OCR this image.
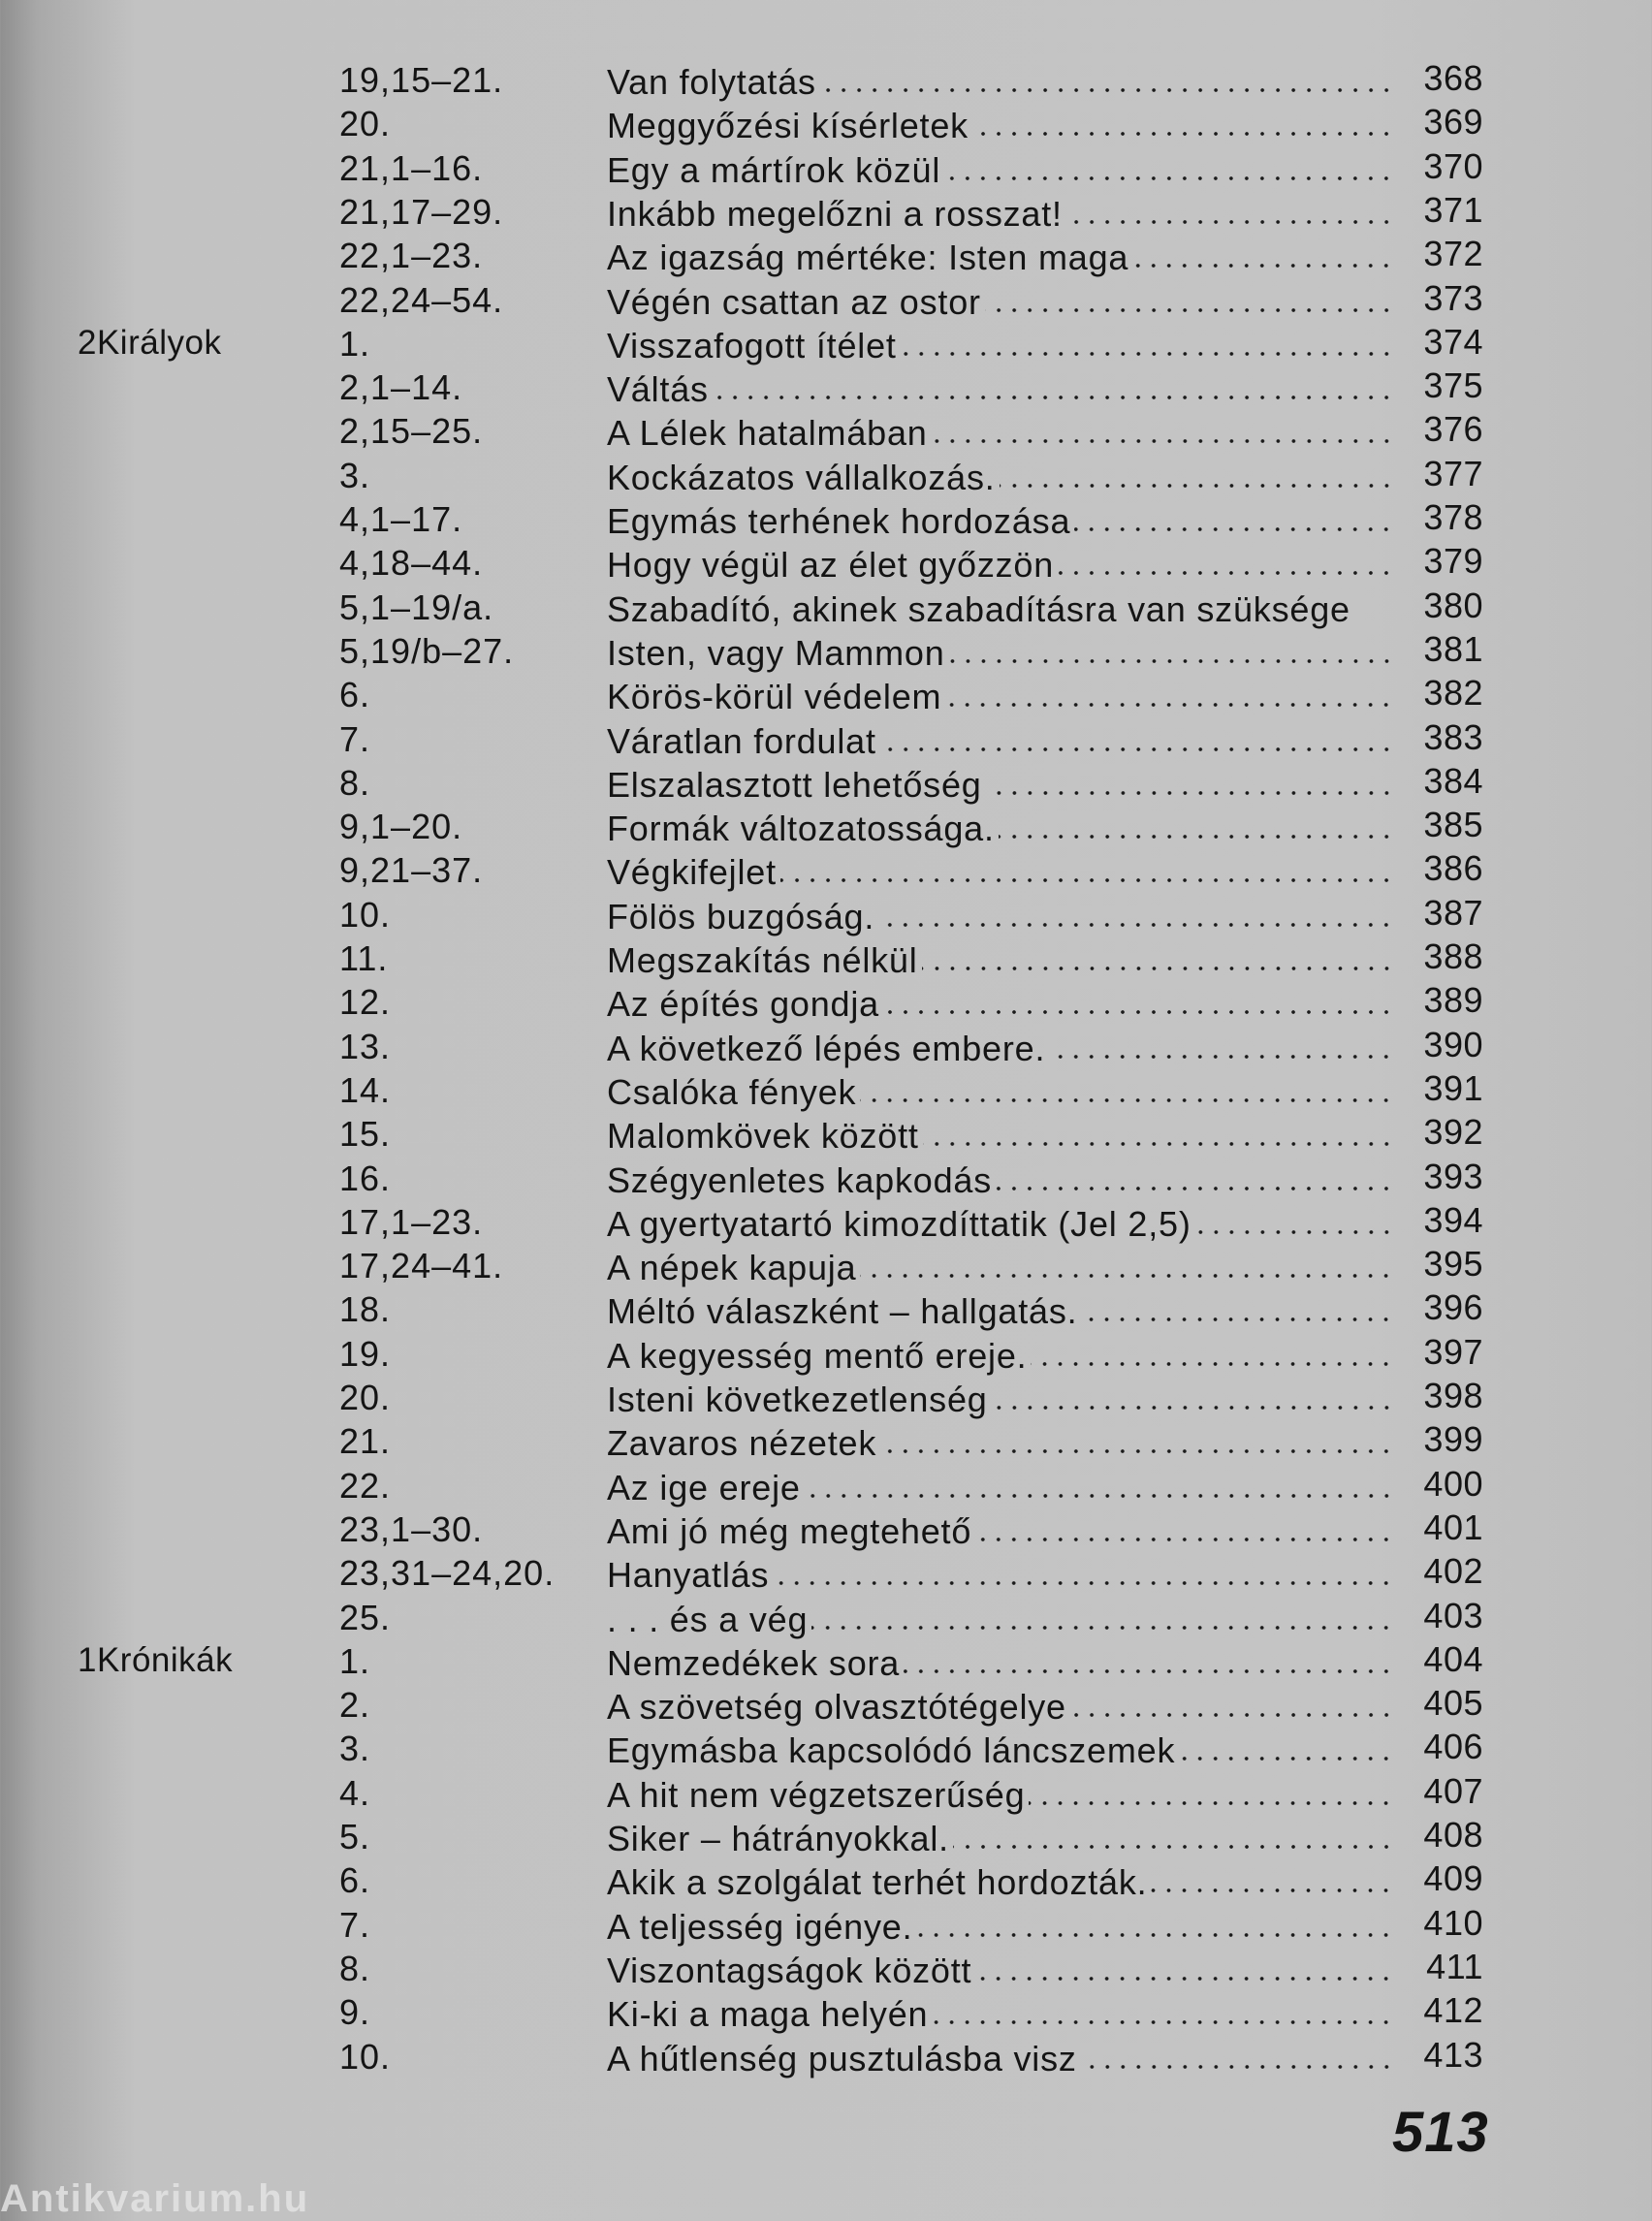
19,15–21.	Van folytatás	368
20.	Meggyőzési kísérletek	369
21,1–16.	Egy a mártírok közül	370
21,17–29.	Inkább megelőzni a rosszat!	371
22,1–23.	Az igazság mértéke: Isten maga	372
22,24–54.	Végén csattan az ostor	373
2Királyok	1.	Visszafogott ítélet	374
2,1–14.	Váltás	375
2,15–25.	A Lélek hatalmában	376
3.	Kockázatos vállalkozás.	377
4,1–17.	Egymás terhének hordozása	378
4,18–44.	Hogy végül az élet győzzön	379
5,1–19/a.	Szabadító, akinek szabadításra van szüksége 380
5,19/b–27.	Isten, vagy Mammon	381
6.	Körös-körül védelem	382
7.	Váratlan fordulat	383
8.	Elszalasztott lehetőség	384
9,1–20.	Formák változatossága.	385
9,21–37.	Végkifejlet	386
10.	Fölös buzgóság.	387
11.	Megszakítás nélkül	388
12.	Az építés gondja	389
13.	A következő lépés embere.	390
14.	Csalóka fények	391
15.	Malomkövek között	392
16.	Szégyenletes kapkodás	393
17,1–23.	A gyertyatartó kimozdíttatik (Jel 2,5)	394
17,24–41.	A népek kapuja	395
18.	Méltó válaszként – hallgatás.	396
19.	A kegyesség mentő ereje.	397
20.	Isteni következetlenség	398
21.	Zavaros nézetek	399
22.	Az ige ereje	400
23,1–30.	Ami jó még megtehető	401
23,31–24,20. Hanyatlás	402
25.	. . . és a vég	403
1Krónikák	1.	Nemzedékek sora	404
2.	A szövetség olvasztótégelye	405
3.	Egymásba kapcsolódó láncszemek	406
4.	A hit nem végzetszerűség	407
5.	Siker – hátrányokkal.	408
6.	Akik a szolgálat terhét hordozták.	409
7.	A teljesség igénye.	410
8.	Viszontagságok között	411
9.	Ki-ki a maga helyén	412
10.	A hűtlenség pusztulásba visz	413
513
Antikvarium.hu
